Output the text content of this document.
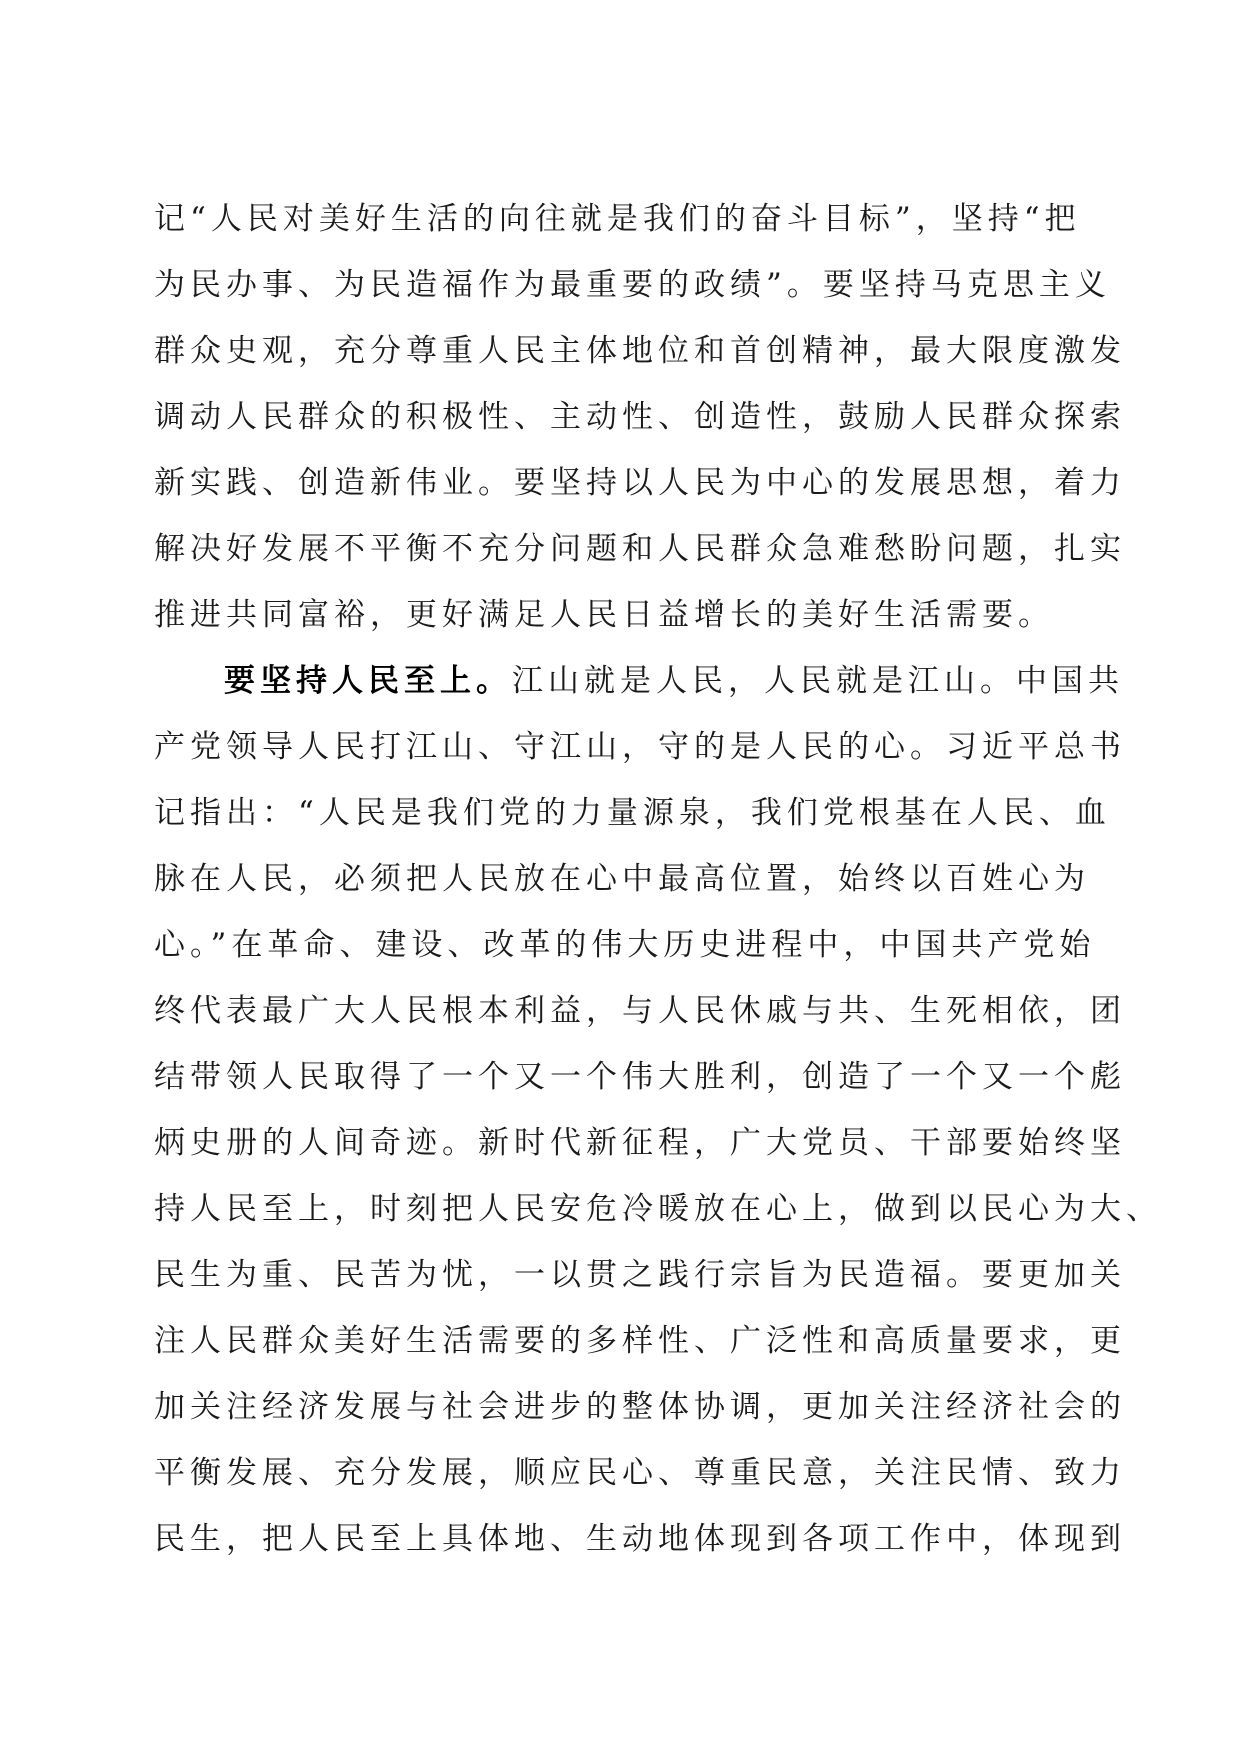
记“人民对美好生活的向往就是我们的奋斗目标”，坚持“把
为民办事、为民造福作为最重要的政绩”。要坚持马克思主义
群众史观，充分尊重人民主体地位和首创精神，最大限度激发
调动人民群众的积极性、主动性、创造性，鼓励人民群众探索
新实践、创造新伟业。要坚持以人民为中心的发展思想，着力
解决好发展不平衡不充分问题和人民群众急难愁盼问题，扎实
推进共同富裕，更好满足人民日益增长的美好生活需要。
要坚持人民至上。江山就是人民，人民就是江山。中国共
产党领导人民打江山、守江山，守的是人民的心。习近平总书
记指出：“人民是我们党的力量源泉，我们党根基在人民、血
脉在人民，必须把人民放在心中最高位置，始终以百姓心为
心。”在革命、建设、改革的伟大历史进程中，中国共产党始
终代表最广大人民根本利益，与人民休戚与共、生死相依，团
结带领人民取得了一个又一个伟大胜利，创造了一个又一个彪
炳史册的人间奇迹。新时代新征程，广大党员、干部要始终坚
持人民至上，时刻把人民安危冷暖放在心上，做到以民心为大、
民生为重、民苦为忧，一以贯之践行宗旨为民造福。要更加关
注人民群众美好生活需要的多样性、广泛性和高质量要求，更
加关注经济发展与社会进步的整体协调，更加关注经济社会的
平衡发展、充分发展，顺应民心、尊重民意，关注民情、致力
民生，把人民至上具体地、生动地体现到各项工作中，体现到
